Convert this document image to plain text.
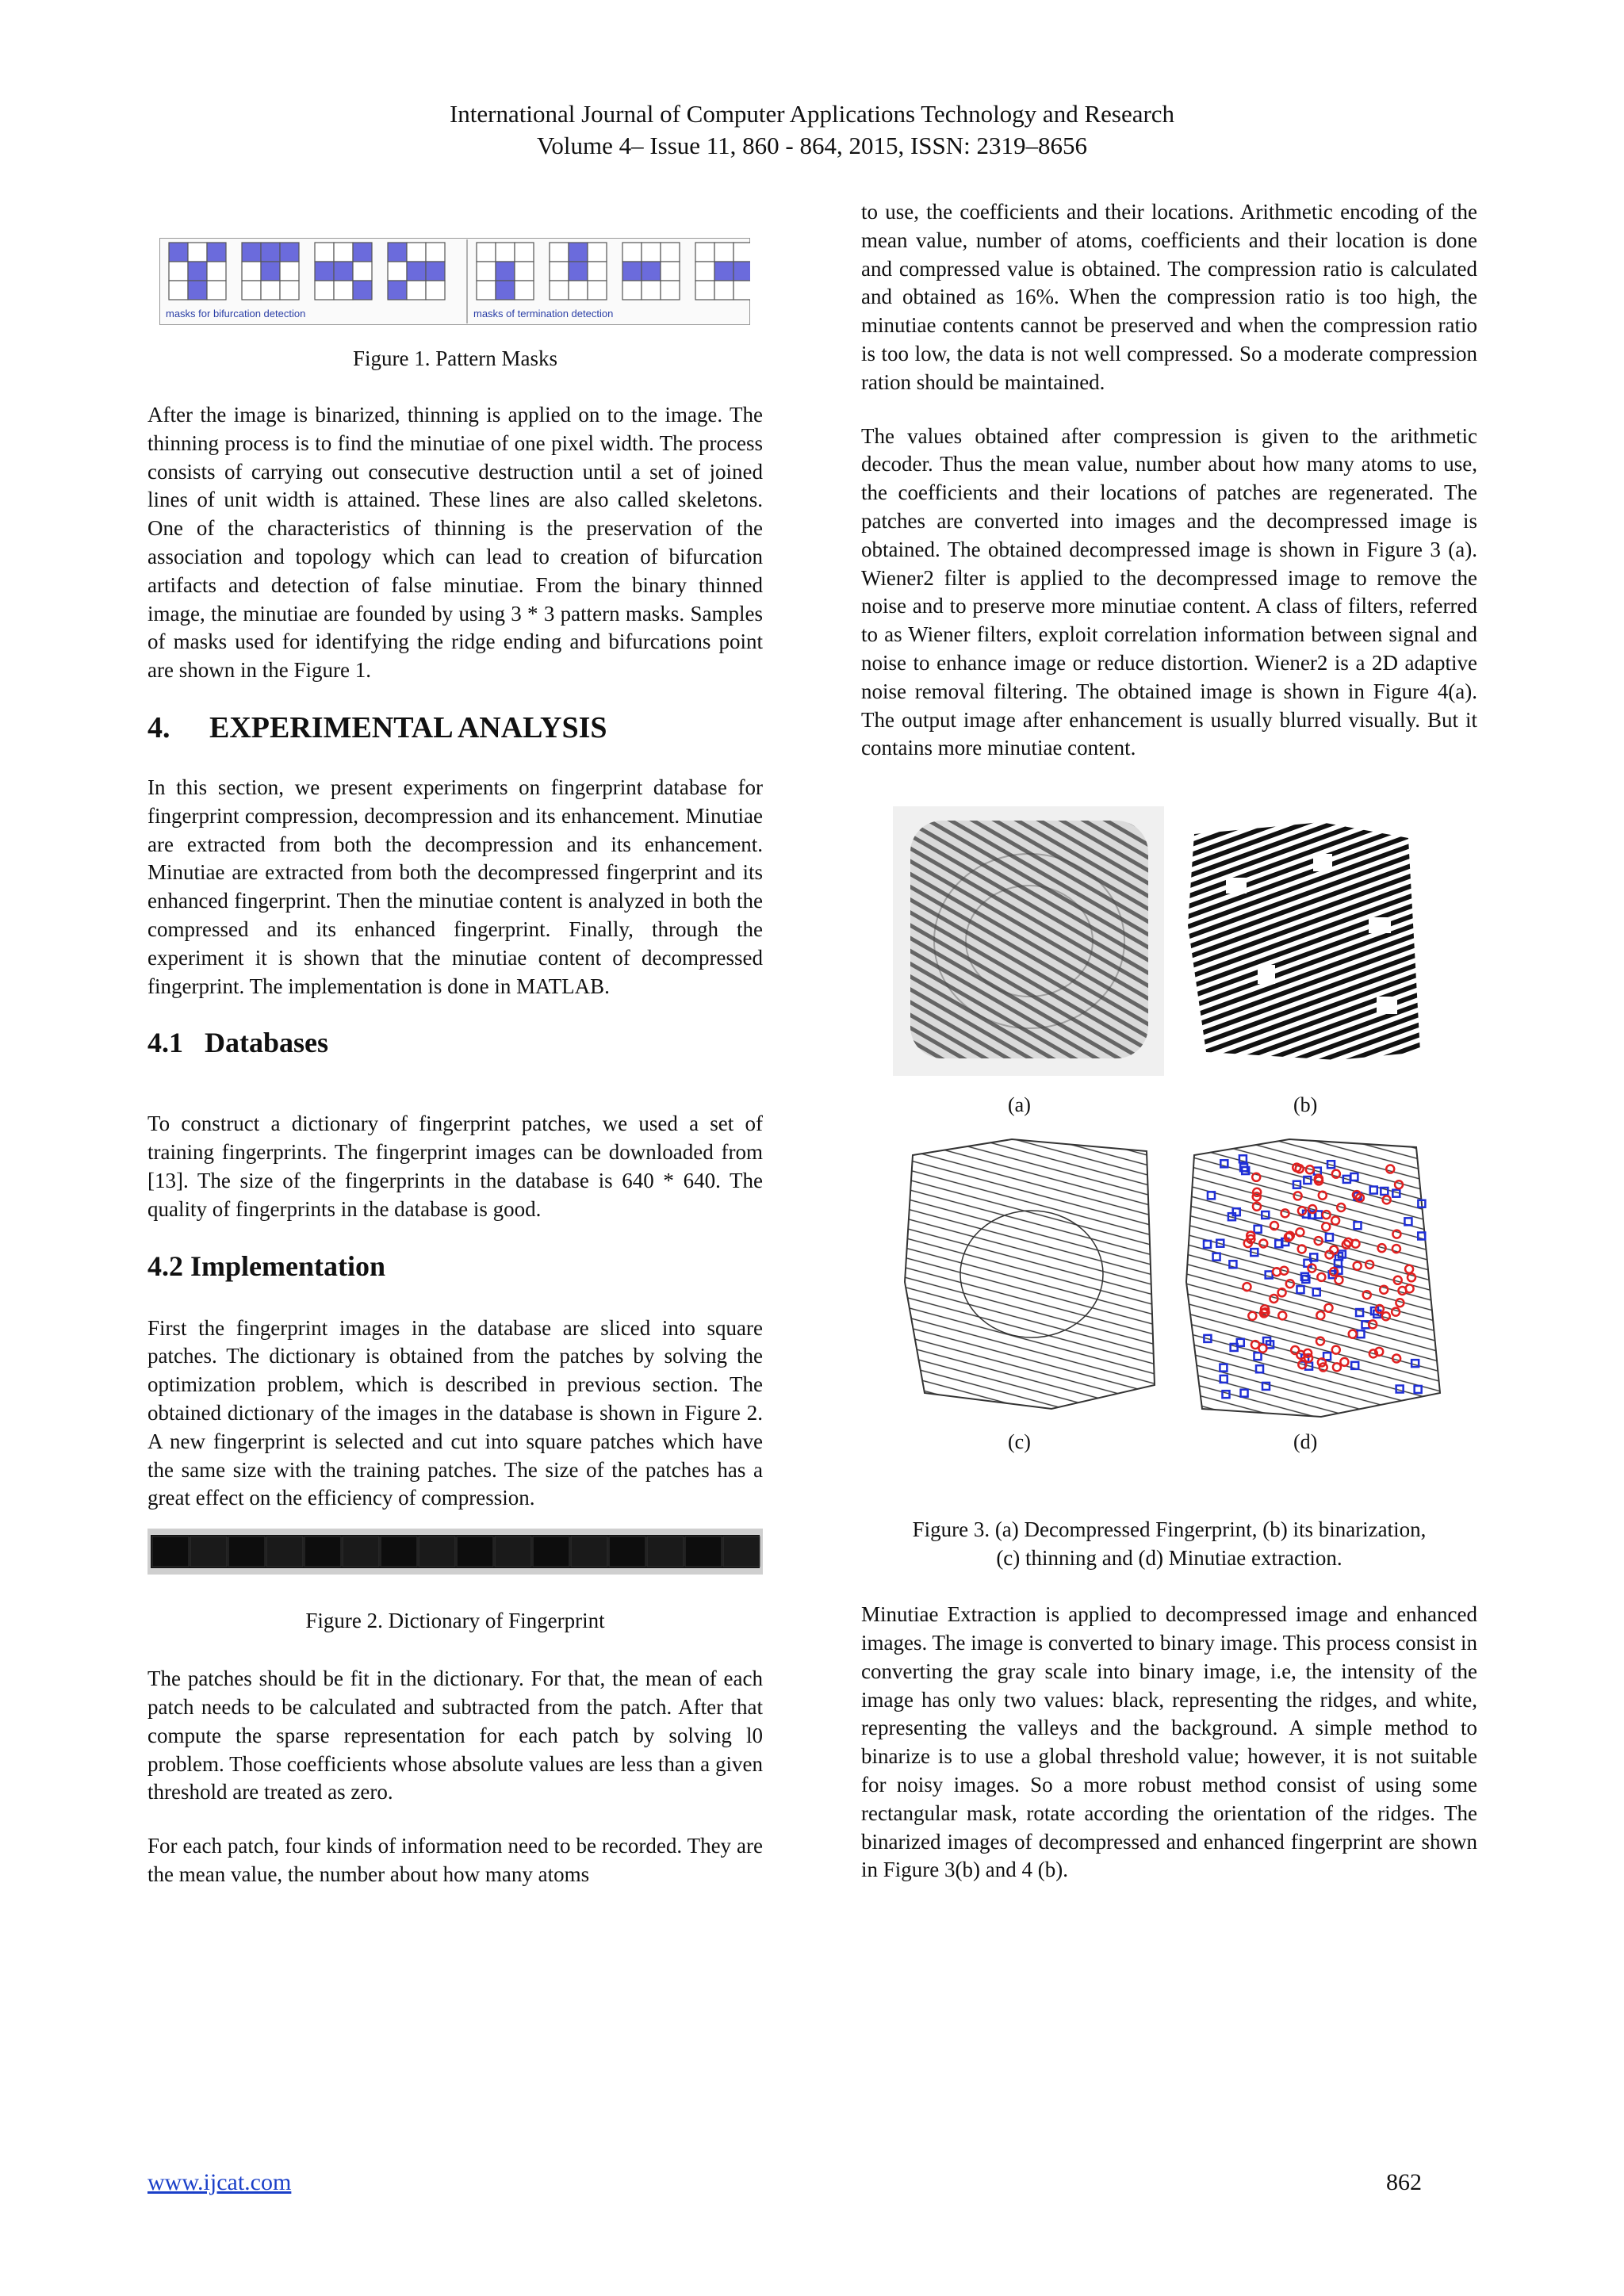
International Journal of Computer Applications Technology and Research
Volume 4– Issue 11, 860 - 864, 2015, ISSN: 2319–8656
masks for bifurcation detection	masks of termination detection
Figure 1. Pattern Masks

After the image is binarized, thinning is applied on to the image. The thinning process is to find the minutiae of one pixel width. The process consists of carrying out consecutive destruction until a set of joined lines of unit width is attained. These lines are also called skeletons. One of the characteristics of thinning is the preservation of the association and topology which can lead to creation of bifurcation artifacts and detection of false minutiae. From the binary thinned image, the minutiae are founded by using 3 * 3 pattern masks. Samples of masks used for identifying the ridge ending and bifurcations point are shown in the Figure 1.

4. EXPERIMENTAL ANALYSIS

In this section, we present experiments on fingerprint database for fingerprint compression, decompression and its enhancement. Minutiae are extracted from both the decompression and its enhancement. Minutiae are extracted from both the decompressed fingerprint and its enhanced fingerprint. Then the minutiae content is analyzed in both the compressed and its enhanced fingerprint. Finally, through the experiment it is shown that the minutiae content of decompressed fingerprint. The implementation is done in MATLAB.

4.1   Databases

To construct a dictionary of fingerprint patches, we used a set of training fingerprints. The fingerprint images can be downloaded from [13]. The size of the fingerprints in the database is 640 * 640. The quality of fingerprints in the database is good.

4.2 Implementation

First the fingerprint images in the database are sliced into square patches. The dictionary is obtained from the patches by solving the optimization problem, which is described in previous section. The obtained dictionary of the images in the database is shown in Figure 2. A new fingerprint is selected and cut into square patches which have the same size with the training patches. The size of the patches has a great effect on the efficiency of compression.

Figure 2. Dictionary of Fingerprint

The patches should be fit in the dictionary. For that, the mean of each patch needs to be calculated and subtracted from the patch. After that compute the sparse representation for each patch by solving l0 problem. Those coefficients whose absolute values are less than a given threshold are treated as zero.

For each patch, four kinds of information need to be recorded. They are the mean value, the number about how many atoms

to use, the coefficients and their locations. Arithmetic encoding of the mean value, number of atoms, coefficients and their location is done and compressed value is obtained. The compression ratio is calculated and obtained as 16%. When the compression ratio is too high, the minutiae contents cannot be preserved and when the compression ratio is too low, the data is not well compressed. So a moderate compression ration should be maintained.

The values obtained after compression is given to the arithmetic decoder. Thus the mean value, number about how many atoms to use, the coefficients and their locations of patches are regenerated. The patches are converted into images and the decompressed image is obtained. The obtained decompressed image is shown in Figure 3 (a). Wiener2 filter is applied to the decompressed image to remove the noise and to preserve more minutiae content. A class of filters, referred to as Wiener filters, exploit correlation information between signal and noise to enhance image or reduce distortion. Wiener2 is a 2D adaptive noise removal filtering. The obtained image is shown in Figure 4(a). The output image after enhancement is usually blurred visually. But it contains more minutiae content.

(a)	(b)
(c)	(d)
Figure 3. (a) Decompressed Fingerprint, (b) its binarization,
(c) thinning and (d) Minutiae extraction.

Minutiae Extraction is applied to decompressed image and enhanced images. The image is converted to binary image. This process consist in converting the gray scale into binary image, i.e, the intensity of the image has only two values: black, representing the ridges, and white, representing the valleys and the background. A simple method to binarize is to use a global threshold value; however, it is not suitable for noisy images. So a more robust method consist of using some rectangular mask, rotate according the orientation of the ridges. The binarized images of decompressed and enhanced fingerprint are shown in Figure 3(b) and 4 (b).

www.ijcat.com	862
